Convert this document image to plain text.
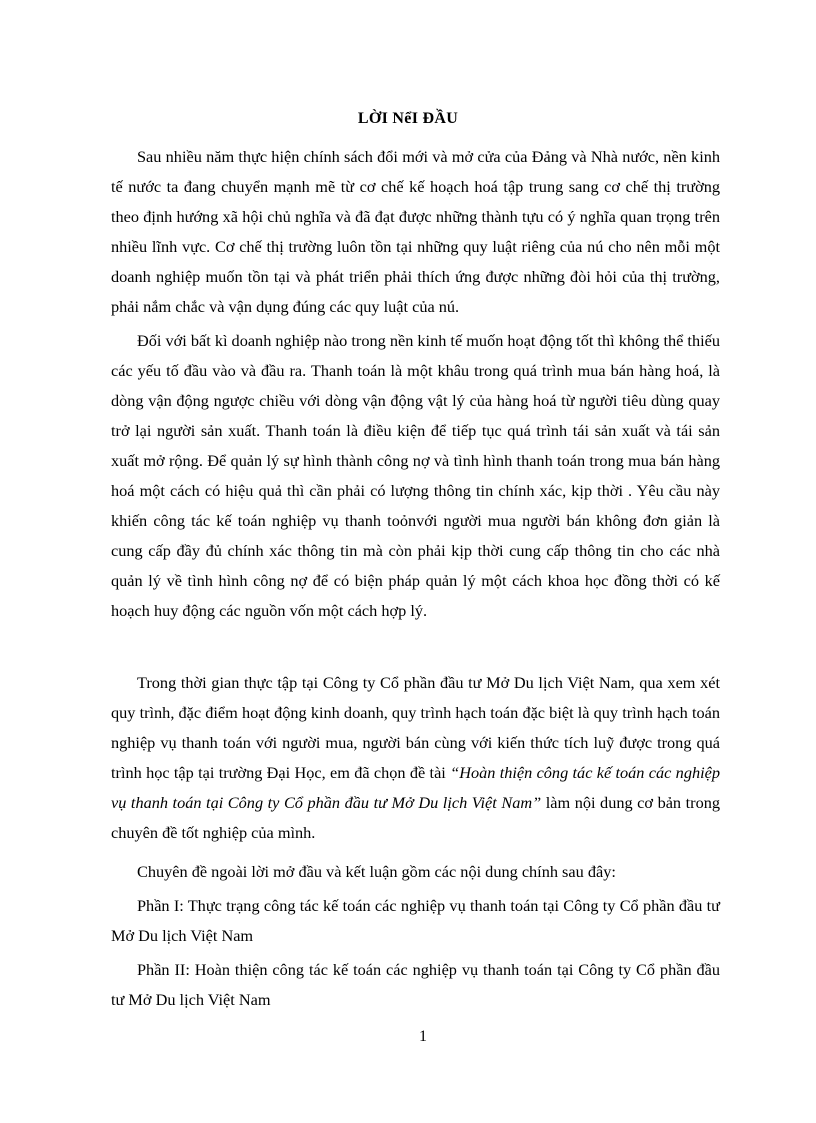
LỜI NểI ĐẦU

Sau nhiều năm thực hiện chính sách đổi mới và mở cửa của Đảng và Nhà nước, nền kinh tế nước ta đang chuyển mạnh mẽ từ cơ chế kế hoạch hoá tập trung sang cơ chế thị trường theo định hướng xã hội chủ nghĩa và đã đạt được những thành tựu có ý nghĩa quan trọng trên nhiều lĩnh vực. Cơ chế thị trường luôn tồn tại những quy luật riêng của nú cho nên mỗi một doanh nghiệp muốn tồn tại và phát triển phải thích ứng được những đòi hỏi của thị trường, phải nắm chắc và vận dụng đúng các quy luật của nú.

Đối với bất kì doanh nghiệp nào trong nền kinh tế muốn hoạt động tốt thì không thể thiếu các yếu tố đầu vào và đầu ra. Thanh toán là một khâu trong quá trình mua bán hàng hoá, là dòng vận động ngược chiều với dòng vận động vật lý của hàng hoá từ người tiêu dùng quay trở lại người sản xuất. Thanh toán là điều kiện để tiếp tục quá trình tái sản xuất và tái sản xuất mở rộng. Để quản lý sự hình thành công nợ và tình hình thanh toán trong mua bán hàng hoá một cách có hiệu quả thì cần phải có lượng thông tin chính xác, kịp thời . Yêu cầu này khiến công tác kế toán nghiệp vụ thanh toỏnvới người mua người bán không đơn giản là cung cấp đầy đủ chính xác thông tin mà còn phải kịp thời cung cấp thông tin cho các nhà quản lý về tình hình công nợ để có biện pháp quản lý một cách khoa học đồng thời có kế hoạch huy động các nguồn vốn một cách hợp lý.

Trong thời gian thực tập tại Công ty Cổ phần đầu tư Mở Du lịch Việt Nam, qua xem xét quy trình, đặc điểm hoạt động kinh doanh, quy trình hạch toán đặc biệt là quy trình hạch toán nghiệp vụ thanh toán với người mua, người bán cùng với kiến thức tích luỹ được trong quá trình học tập tại trường Đại Học, em đã chọn đề tài “Hoàn thiện công tác kế toán các nghiệp vụ thanh toán tại Công ty Cổ phần đầu tư Mở Du lịch Việt Nam” làm nội dung cơ bản trong chuyên đề tốt nghiệp của mình.

Chuyên đề ngoài lời mở đầu và kết luận gồm các nội dung chính sau đây:

Phần I: Thực trạng công tác kế toán các nghiệp vụ thanh toán tại Công ty Cổ phần đầu tư Mở Du lịch Việt Nam

Phần II: Hoàn thiện công tác kế toán các nghiệp vụ thanh toán tại Công ty Cổ phần đầu tư Mở Du lịch Việt Nam

1
